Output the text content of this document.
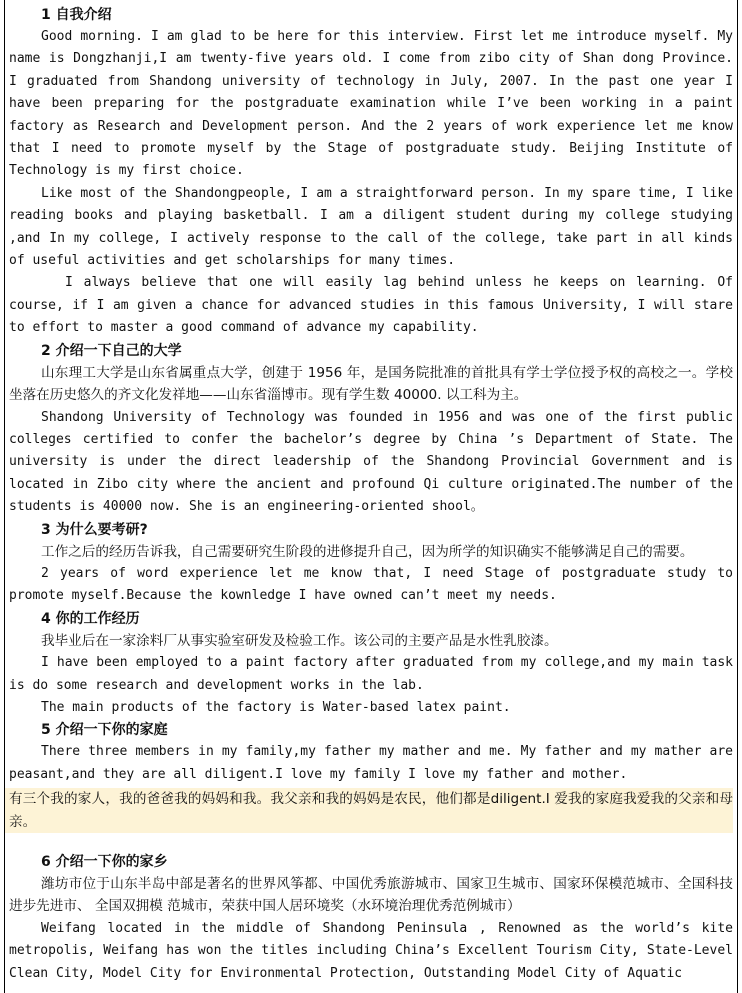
1 自我介绍

Good morning. I am glad to be here for this interview. First let me introduce myself. My name is Dongzhanji,I am twenty-five years old. I come from zibo city of Shan dong Province. I graduated from Shandong university of technology in July, 2007. In the past one year I have been preparing for the postgraduate examination while I’ve been working in a paint factory as Research and Development person. And the 2 years of work experience let me know that I need to promote myself by the Stage of postgraduate study. Beijing Institute of Technology is my first choice.

Like most of the Shandongpeople, I am a straightforward person. In my spare time, I like reading books and playing basketball. I am a diligent student during my college studying ,and In my college, I actively response to the call of the college, take part in all kinds of useful activities and get scholarships for many times.

I always believe that one will easily lag behind unless he keeps on learning. Of course, if I am given a chance for advanced studies in this famous University, I will stare to effort to master a good command of advance my capability.

2 介绍一下自己的大学

山东理工大学是山东省属重点大学，创建于 1956 年，是国务院批准的首批具有学士学位授予权的高校之一。学校坐落在历史悠久的齐文化发祥地——山东省淄博市。现有学生数 40000. 以工科为主。

Shandong University of Technology was founded in 1956 and was one of the first public colleges certified to confer the bachelor’s degree by China ’s Department of State. The university is under the direct leadership of the Shandong Provincial Government and is located in Zibo city where the ancient and profound Qi culture originated.The number of the students is 40000 now. She is an engineering-oriented shool。

3 为什么要考研?

工作之后的经历告诉我，自己需要研究生阶段的进修提升自己，因为所学的知识确实不能够满足自己的需要。

2 years of word experience let me know that, I need Stage of postgraduate study to promote myself.Because the kownledge I have owned can’t meet my needs.

4 你的工作经历

我毕业后在一家涂料厂从事实验室研发及检验工作。该公司的主要产品是水性乳胶漆。

I have been employed to a paint factory after graduated from my college,and my main task is do some research and development works in the lab.

The main products of the factory is Water-based latex paint.

5 介绍一下你的家庭

There three members in my family,my father my mather and me. My father and my mather are peasant,and they are all diligent.I love my family I love my father and mother.

有三个我的家人，我的爸爸我的妈妈和我。我父亲和我的妈妈是农民，他们都是diligent.I 爱我的家庭我爱我的父亲和母亲。
6 介绍一下你的家乡

潍坊市位于山东半岛中部是著名的世界风筝都、中国优秀旅游城市、国家卫生城市、国家环保模范城市、全国科技进步先进市、 全国双拥模 范城市，荣获中国人居环境奖（水环境治理优秀范例城市）

Weifang located in the middle of Shandong Peninsula , Renowned as the world’s kite metropolis, Weifang has won the titles including China’s Excellent Tourism City, State-Level Clean City, Model City for Environmental Protection, Outstanding Model City of Aquatic
